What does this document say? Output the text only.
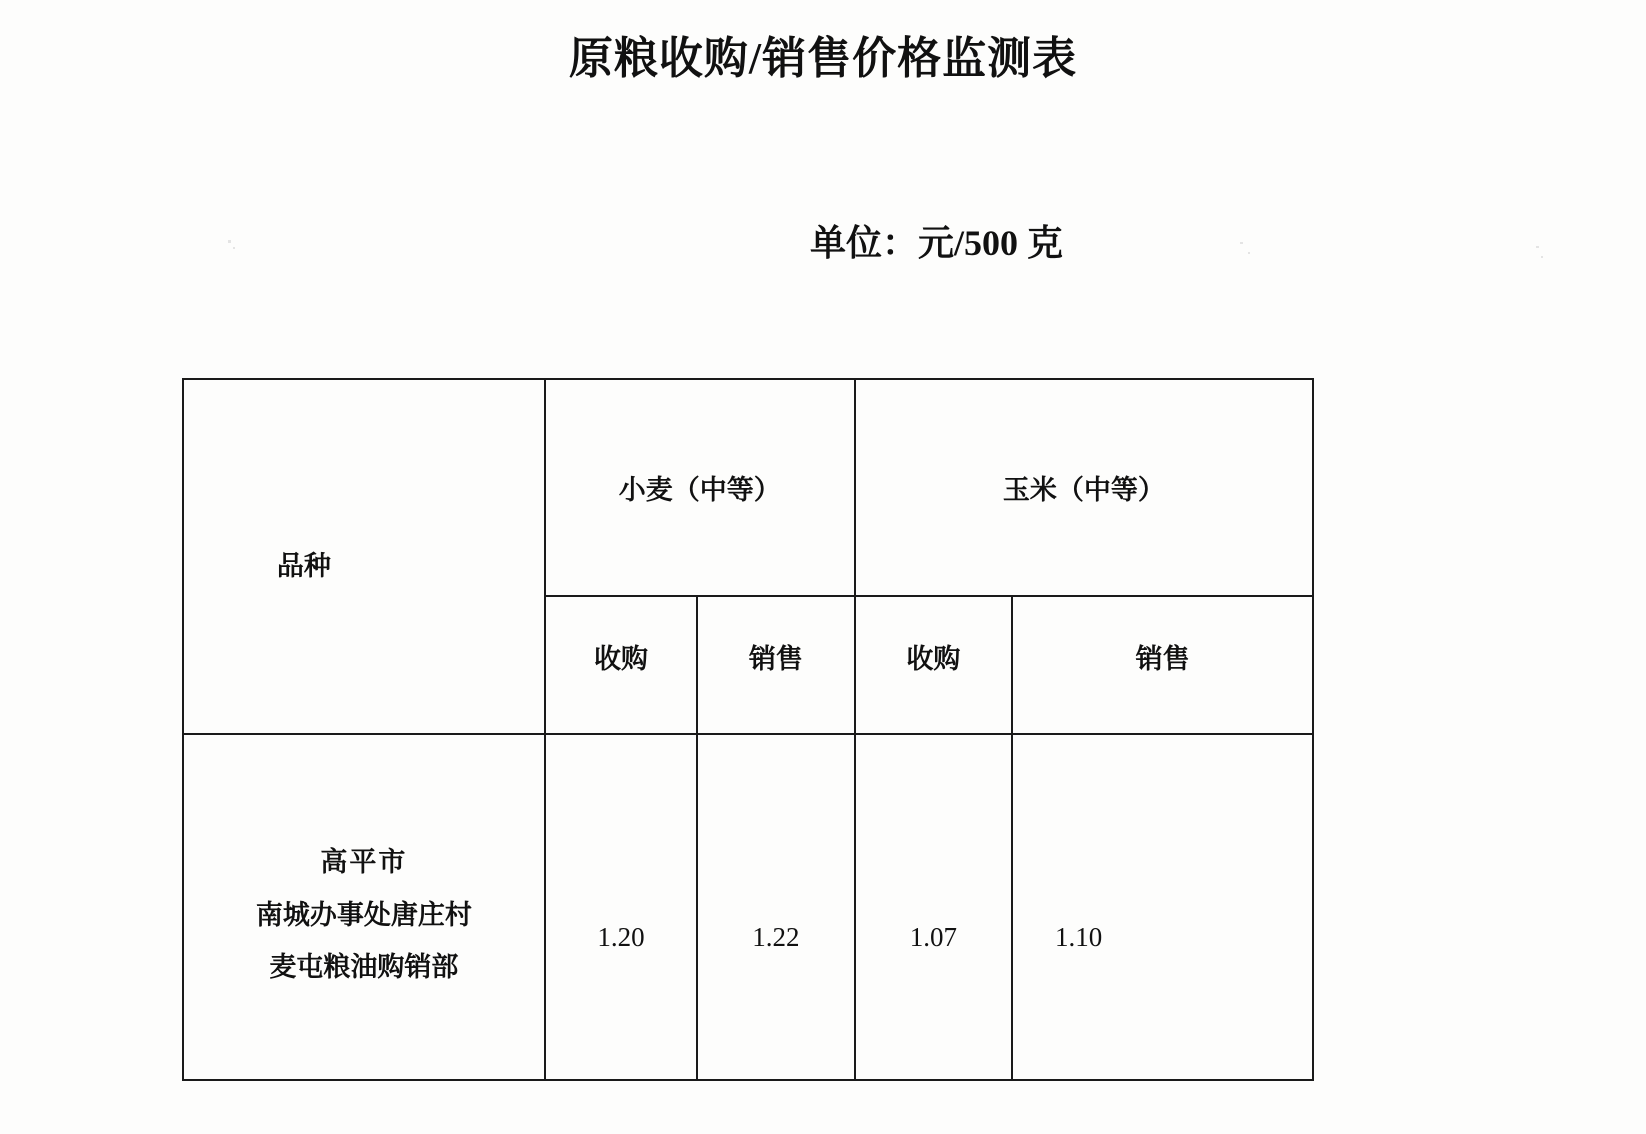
原粮收购/销售价格监测表
单位：元/500 克
品种	小麦（中等）		玉米（中等）	
	收购	销售	收购	销售

高平市
南城办事处唐庄村
麦屯粮油购销部	1.20	1.22	1.07	1.10
